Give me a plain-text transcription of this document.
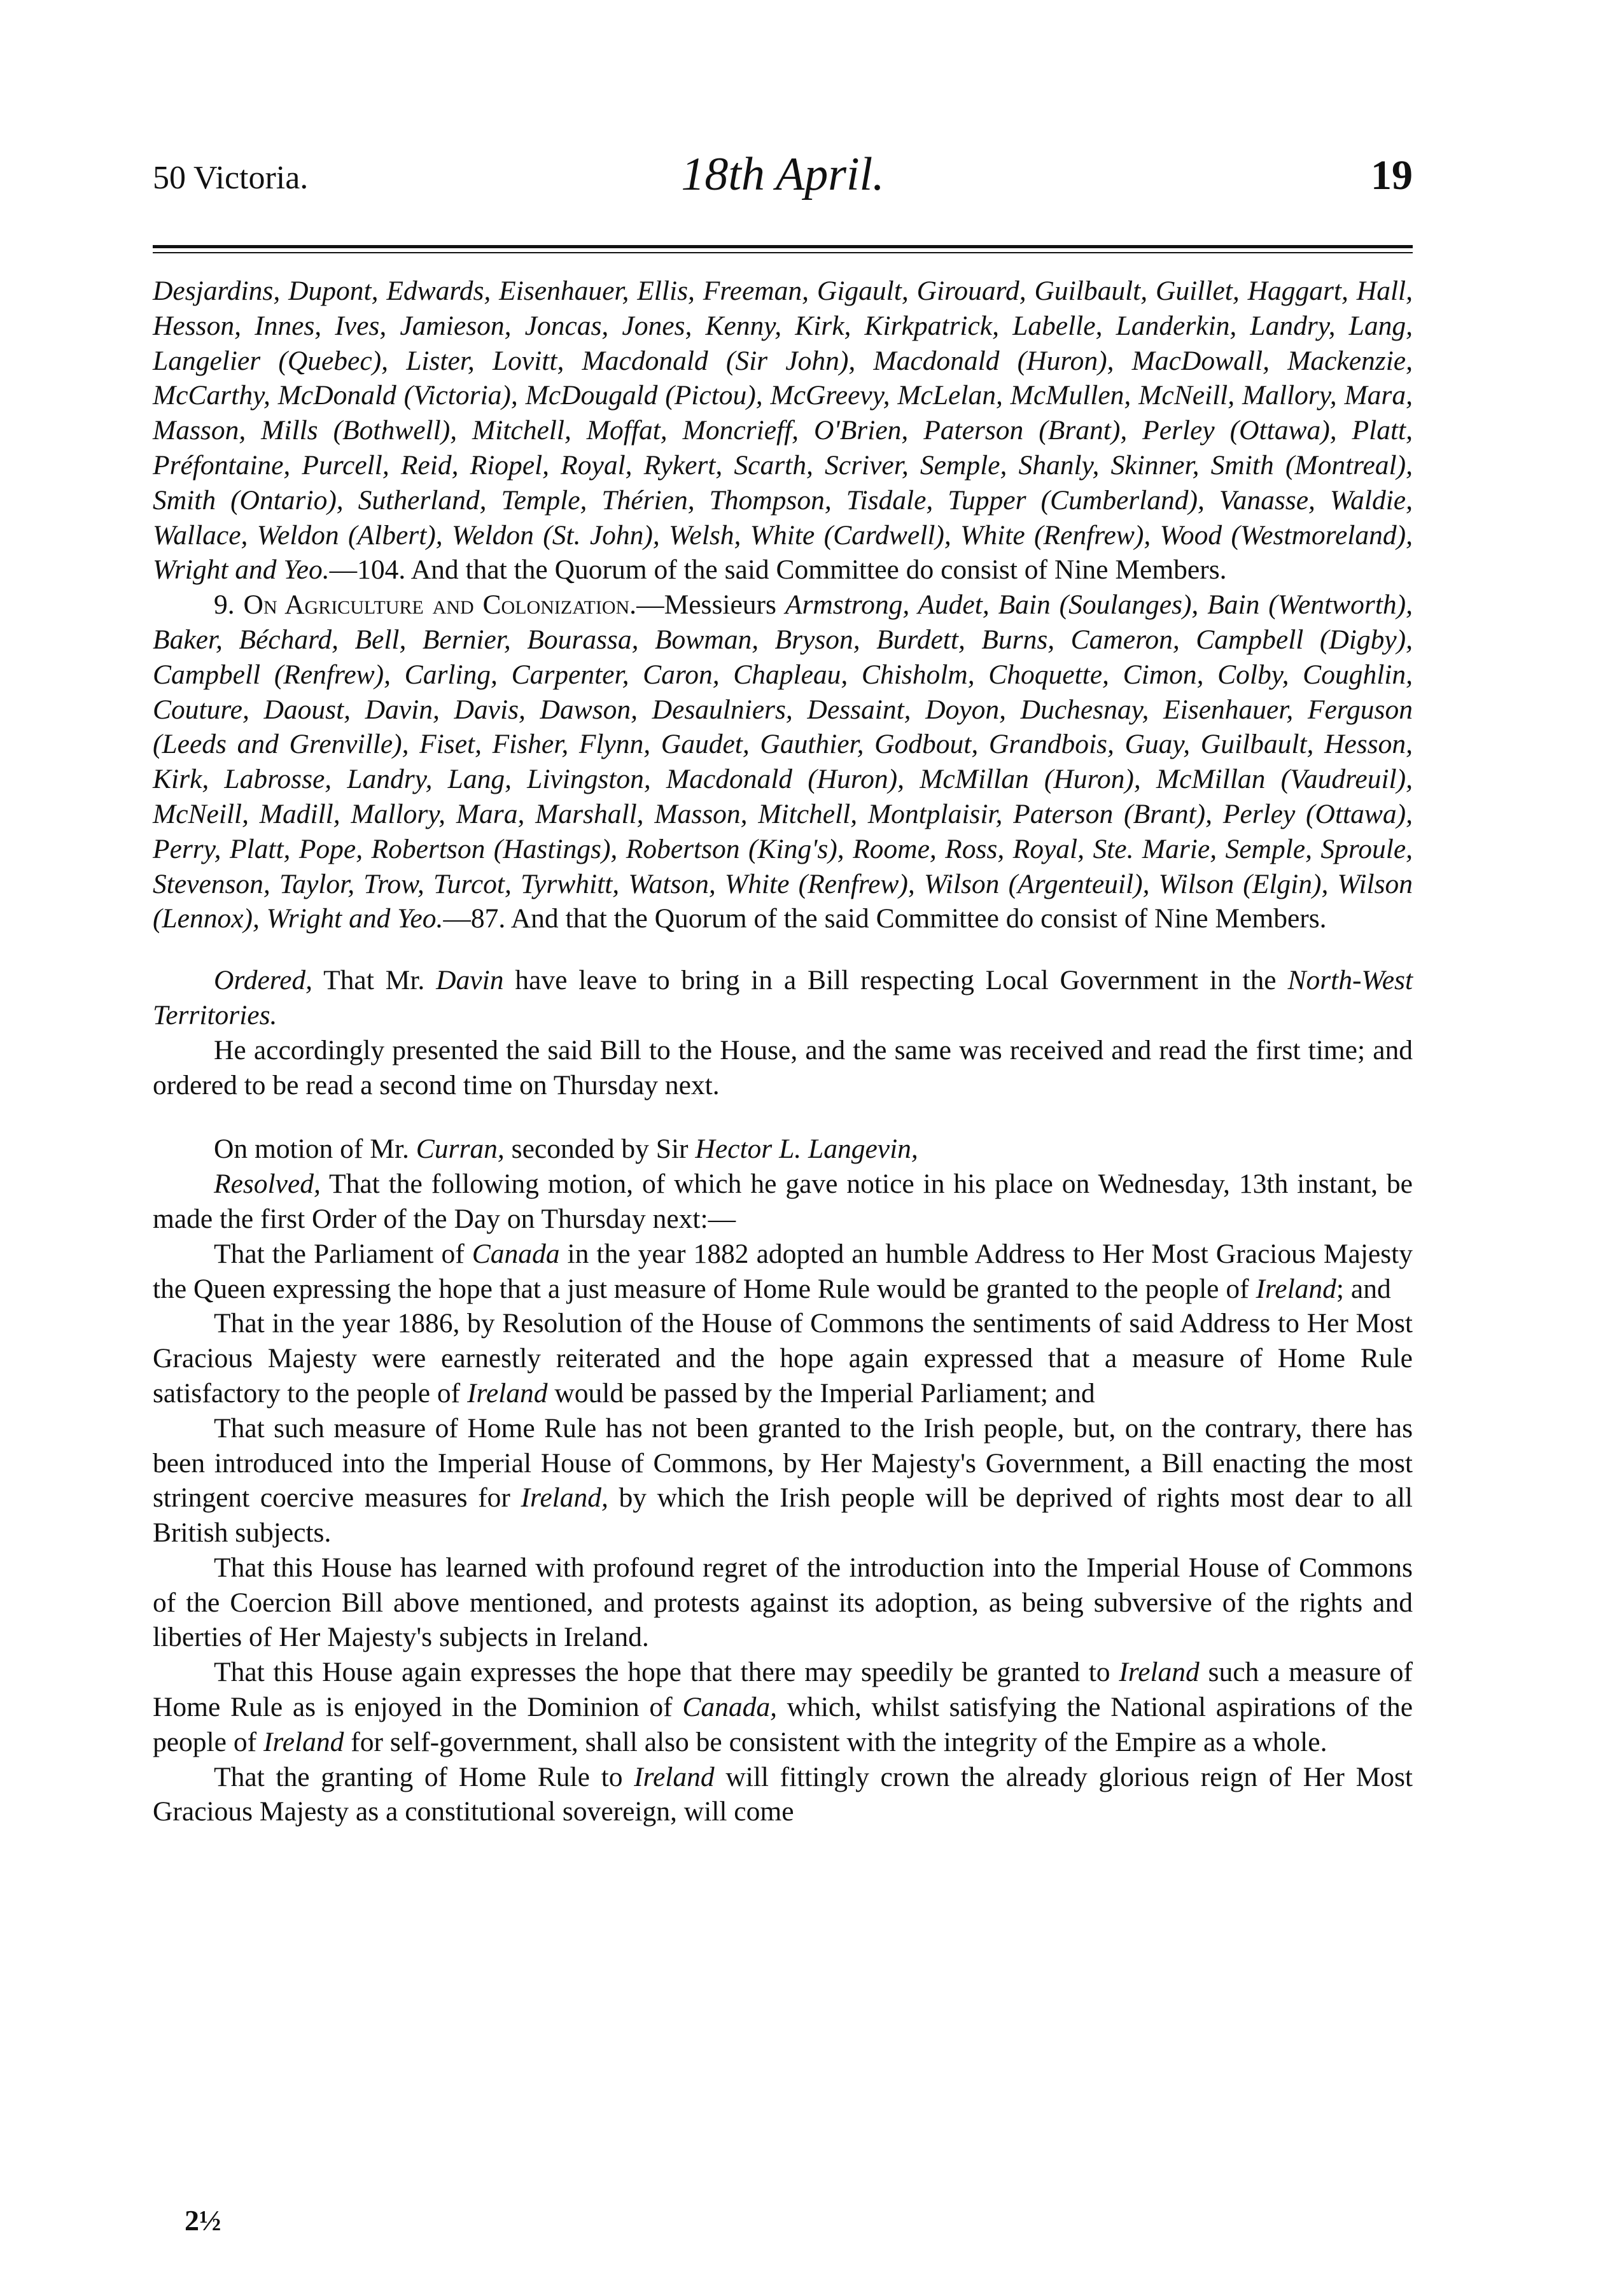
50 Victoria.	18th April.	19

Desjardins, Dupont, Edwards, Eisenhauer, Ellis, Freeman, Gigault, Girouard, Guilbault, Guillet, Haggart, Hall, Hesson, Innes, Ives, Jamieson, Joncas, Jones, Kenny, Kirk, Kirkpatrick, Labelle, Landerkin, Landry, Lang, Langelier (Quebec), Lister, Lovitt, Macdonald (Sir John), Macdonald (Huron), MacDowall, Mackenzie, McCarthy, McDonald (Victoria), McDougald (Pictou), McGreevy, McLelan, McMullen, McNeill, Mallory, Mara, Masson, Mills (Bothwell), Mitchell, Moffat, Moncrieff, O'Brien, Paterson (Brant), Perley (Ottawa), Platt, Préfontaine, Purcell, Reid, Riopel, Royal, Rykert, Scarth, Scriver, Semple, Shanly, Skinner, Smith (Montreal), Smith (Ontario), Sutherland, Temple, Thérien, Thompson, Tisdale, Tupper (Cumberland), Vanasse, Waldie, Wallace, Weldon (Albert), Weldon (St. John), Welsh, White (Cardwell), White (Renfrew), Wood (Westmoreland), Wright and Yeo.—104. And that the Quorum of the said Committee do consist of Nine Members.

9. On Agriculture and Colonization.—Messieurs Armstrong, Audet, Bain (Soulanges), Bain (Wentworth), Baker, Béchard, Bell, Bernier, Bourassa, Bowman, Bryson, Burdett, Burns, Cameron, Campbell (Digby), Campbell (Renfrew), Carling, Carpenter, Caron, Chapleau, Chisholm, Choquette, Cimon, Colby, Coughlin, Couture, Daoust, Davin, Davis, Dawson, Desaulniers, Dessaint, Doyon, Duchesnay, Eisenhauer, Ferguson (Leeds and Grenville), Fiset, Fisher, Flynn, Gaudet, Gauthier, Godbout, Grandbois, Guay, Guilbault, Hesson, Kirk, Labrosse, Landry, Lang, Livingston, Macdonald (Huron), McMillan (Huron), McMillan (Vaudreuil), McNeill, Madill, Mallory, Mara, Marshall, Masson, Mitchell, Montplaisir, Paterson (Brant), Perley (Ottawa), Perry, Platt, Pope, Robertson (Hastings), Robertson (King's), Roome, Ross, Royal, Ste. Marie, Semple, Sproule, Stevenson, Taylor, Trow, Turcot, Tyrwhitt, Watson, White (Renfrew), Wilson (Argenteuil), Wilson (Elgin), Wilson (Lennox), Wright and Yeo.—87. And that the Quorum of the said Committee do consist of Nine Members.

Ordered, That Mr. Davin have leave to bring in a Bill respecting Local Government in the North-West Territories.

He accordingly presented the said Bill to the House, and the same was received and read the first time; and ordered to be read a second time on Thursday next.

On motion of Mr. Curran, seconded by Sir Hector L. Langevin,

Resolved, That the following motion, of which he gave notice in his place on Wednesday, 13th instant, be made the first Order of the Day on Thursday next:—

That the Parliament of Canada in the year 1882 adopted an humble Address to Her Most Gracious Majesty the Queen expressing the hope that a just measure of Home Rule would be granted to the people of Ireland; and

That in the year 1886, by Resolution of the House of Commons the sentiments of said Address to Her Most Gracious Majesty were earnestly reiterated and the hope again expressed that a measure of Home Rule satisfactory to the people of Ireland would be passed by the Imperial Parliament; and

That such measure of Home Rule has not been granted to the Irish people, but, on the contrary, there has been introduced into the Imperial House of Commons, by Her Majesty's Government, a Bill enacting the most stringent coercive measures for Ireland, by which the Irish people will be deprived of rights most dear to all British subjects.

That this House has learned with profound regret of the introduction into the Imperial House of Commons of the Coercion Bill above mentioned, and protests against its adoption, as being subversive of the rights and liberties of Her Majesty's subjects in Ireland.

That this House again expresses the hope that there may speedily be granted to Ireland such a measure of Home Rule as is enjoyed in the Dominion of Canada, which, whilst satisfying the National aspirations of the people of Ireland for self-government, shall also be consistent with the integrity of the Empire as a whole.

That the granting of Home Rule to Ireland will fittingly crown the already glorious reign of Her Most Gracious Majesty as a constitutional sovereign, will come

2½
